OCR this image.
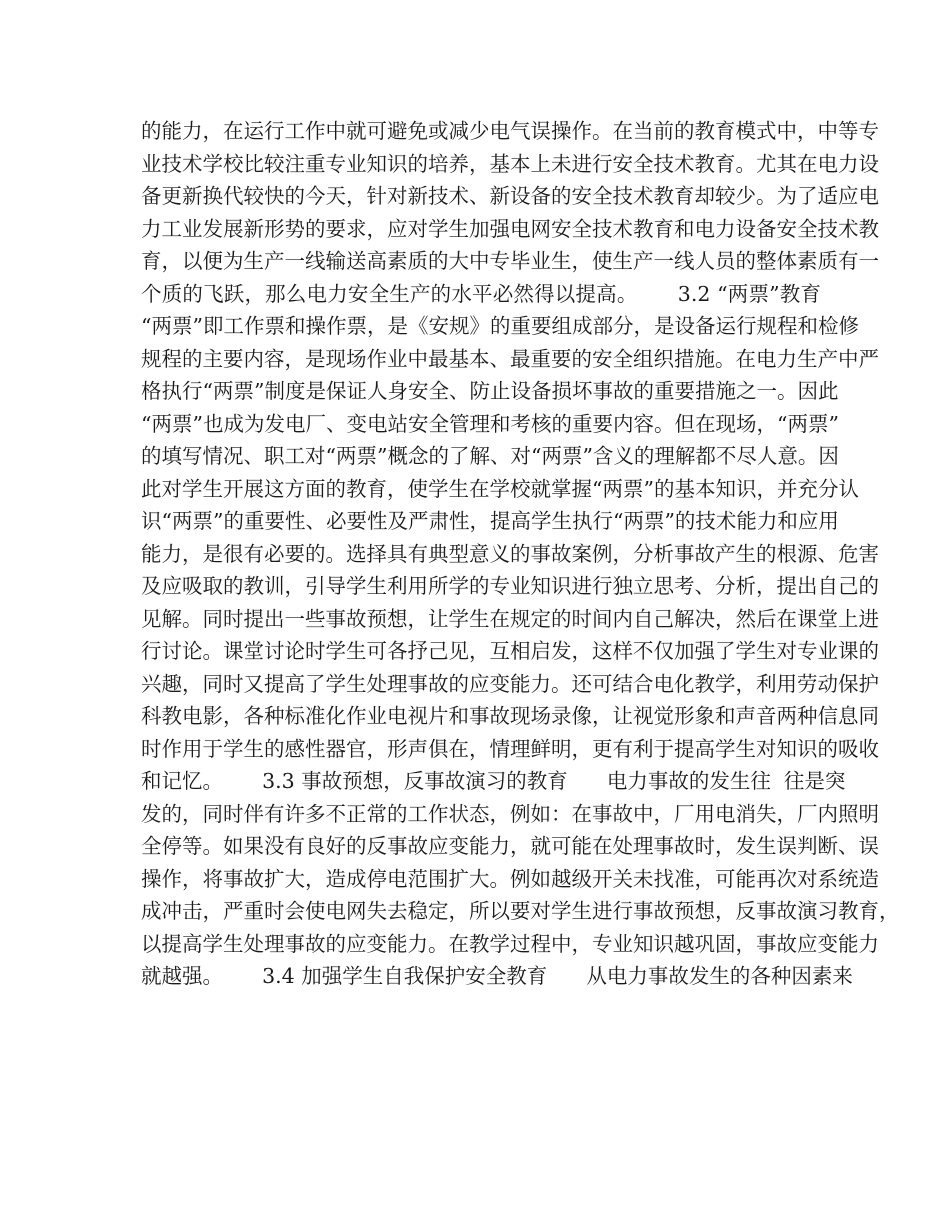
的能力，在运行工作中就可避免或减少电气误操作。在当前的教育模式中，中等专
业技术学校比较注重专业知识的培养，基本上未进行安全技术教育。尤其在电力设
备更新换代较快的今天，针对新技术、新设备的安全技术教育却较少。为了适应电
力工业发展新形势的要求，应对学生加强电网安全技术教育和电力设备安全技术教
育，以便为生产一线输送高素质的大中专毕业生，使生产一线人员的整体素质有一
个质的飞跃，那么电力安全生产的水平必然得以提高。      3.2 “两票”教育
“两票”即工作票和操作票，是《安规》的重要组成部分，是设备运行规程和检修
规程的主要内容，是现场作业中最基本、最重要的安全组织措施。在电力生产中严
格执行“两票”制度是保证人身安全、防止设备损坏事故的重要措施之一。因此
“两票”也成为发电厂、变电站安全管理和考核的重要内容。但在现场，“两票”
的填写情况、职工对“两票”概念的了解、对“两票”含义的理解都不尽人意。因
此对学生开展这方面的教育，使学生在学校就掌握“两票”的基本知识，并充分认
识“两票”的重要性、必要性及严肃性，提高学生执行“两票”的技术能力和应用
能力，是很有必要的。选择具有典型意义的事故案例，分析事故产生的根源、危害
及应吸取的教训，引导学生利用所学的专业知识进行独立思考、分析，提出自己的
见解。同时提出一些事故预想，让学生在规定的时间内自己解决，然后在课堂上进
行讨论。课堂讨论时学生可各抒己见，互相启发，这样不仅加强了学生对专业课的
兴趣，同时又提高了学生处理事故的应变能力。还可结合电化教学，利用劳动保护
科教电影，各种标准化作业电视片和事故现场录像，让视觉形象和声音两种信息同
时作用于学生的感性器官，形声俱在，情理鲜明，更有利于提高学生对知识的吸收
和记忆。      3.3 事故预想，反事故演习的教育      电力事故的发生往  往是突
发的，同时伴有许多不正常的工作状态，例如：在事故中，厂用电消失，厂内照明
全停等。如果没有良好的反事故应变能力，就可能在处理事故时，发生误判断、误
操作，将事故扩大，造成停电范围扩大。例如越级开关未找准，可能再次对系统造
成冲击，严重时会使电网失去稳定，所以要对学生进行事故预想，反事故演习教育，
以提高学生处理事故的应变能力。在教学过程中，专业知识越巩固，事故应变能力
就越强。      3.4 加强学生自我保护安全教育      从电力事故发生的各种因素来
